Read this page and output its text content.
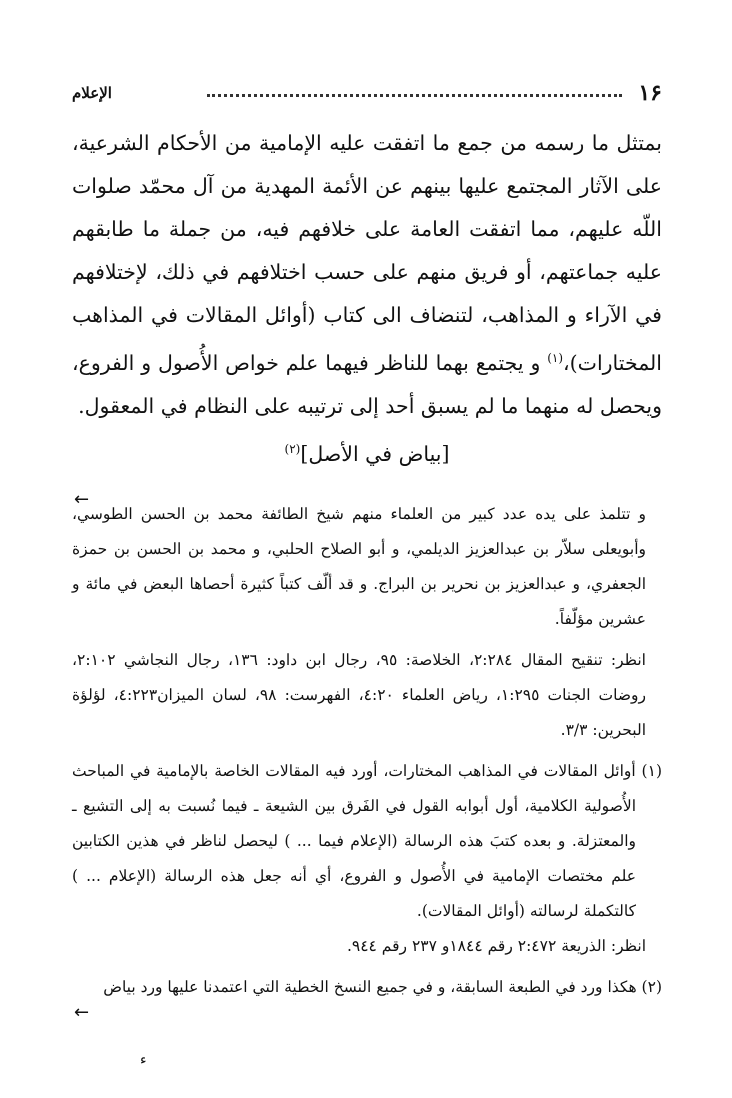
١۶
الإعلام

بمتثل ما رسمه من جمع ما اتفقت عليه الإمامية من الأحكام الشرعية، على الآثار المجتمع عليها بينهم عن الأئمة المهدية من آل محمّد صلوات اللّه عليهم، مما اتفقت العامة على خلافهم فيه، من جملة ما طابقهم عليه جماعتهم، أو فريق منهم على حسب اختلافهم في ذلك، لإختلافهم في الآراء و المذاهب، لتنضاف الى كتاب (أوائل المقالات في المذاهب المختارات)،$^{(١)}$ و يجتمع بهما للناظر فيهما علم خواص الأُصول و الفروع، ويحصل له منهما ما لم يسبق أحد إلى ترتيبه على النظام في المعقول.

[بياض في الأصل]$^{(٢)}$

←

و تتلمذ على يده عدد كبير من العلماء منهم شيخ الطائفة محمد بن الحسن الطوسي، وأبويعلى سلاّر بن عبدالعزيز الديلمي، و أبو الصلاح الحلبي، و محمد بن الحسن بن حمزة الجعفري، و عبدالعزيز بن نحرير بن البراج. و قد ألّف كتباً كثيرة أحصاها البعض في مائة و عشرين مؤلّفاً.

انظر: تنقيح المقال ٢:٢٨٤، الخلاصة: ٩٥، رجال ابن داود: ١٣٦، رجال النجاشي ٢:١٠٢، روضات الجنات ١:٢٩٥، رياض العلماء ٤:٢٠، الفهرست: ٩٨، لسان الميزان٤:٢٢٣، لؤلؤة البحرين: ٣/٣.

(١) أوائل المقالات في المذاهب المختارات، أورد فيه المقالات الخاصة بالإمامية في المباحث الأُصولية الكلامية، أول أبوابه القول في الفَرق بين الشيعة ـ فيما نُسبت به إلى التشيع ـ والمعتزلة. و بعده كتبَ هذه الرسالة (الإعلام فيما ... ) ليحصل لناظر في هذين الكتابين علم مختصات الإمامية في الأُصول و الفروع، أي أنه جعل هذه الرسالة (الإعلام ... ) كالتكملة لرسالته (أوائل المقالات).

انظر: الذريعة ٢:٤٧٢ رقم ١٨٤٤و ٢٣٧ رقم ٩٤٤.

(٢) هكذا ورد في الطبعة السابقة، و في جميع النسخ الخطية التي اعتمدنا عليها ورد بياض

←
ء
